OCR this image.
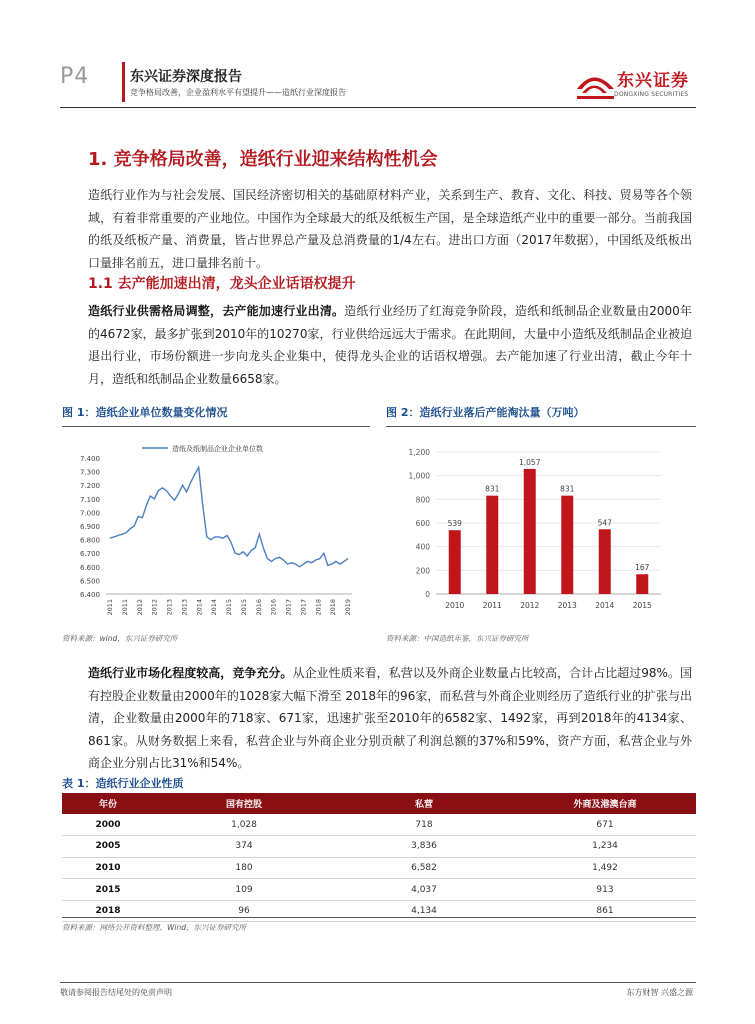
P4	东兴证券深度报告
竞争格局改善，企业盈利水平有望提升——造纸行业深度报告
东兴证券
DONGXING SECURITIES
1. 竞争格局改善，造纸行业迎来结构性机会
造纸行业作为与社会发展、国民经济密切相关的基础原材料产业，关系到生产、教育、文化、科技、贸易等各个领域，有着非常重要的产业地位。中国作为全球最大的纸及纸板生产国，是全球造纸产业中的重要一部分。当前我国的纸及纸板产量、消费量，皆占世界总产量及总消费量的1/4左右。进出口方面（2017年数据），中国纸及纸板出口量排名前五，进口量排名前十。
1.1 去产能加速出清，龙头企业话语权提升
造纸行业供需格局调整，去产能加速行业出清。造纸行业经历了红海竞争阶段，造纸和纸制品企业数量由2000年的4672家，最多扩张到2010年的10270家，行业供给远远大于需求。在此期间，大量中小造纸及纸制品企业被迫退出行业，市场份额进一步向龙头企业集中，使得龙头企业的话语权增强。去产能加速了行业出清，截止今年十月，造纸和纸制品企业数量6658家。
图 1：造纸企业单位数量变化情况	图 2：造纸行业落后产能淘汰量（万吨）
6.400
6.500
6.600
6.700
6.800
6.900
7.000
7.100
7.200
7.300
7.400
2011 2011 2012 2012 2013 2013 2014 2014 2015 2015 2016 2016 2017 2017 2018 2018 2019
造纸及纸制品企业企业单位数
0
200
400
600
800
1,000
1,200
539
2010
831
2011
1,057
2012
831
2013
547
2014
167
2015
资料来源：wind，东兴证券研究所	资料来源：中国造纸年鉴，东兴证券研究所
造纸行业市场化程度较高，竞争充分。从企业性质来看，私营以及外商企业数量占比较高，合计占比超过98%。国有控股企业数量由2000年的1028家大幅下滑至 2018年的96家，而私营与外商企业则经历了造纸行业的扩张与出清，企业数量由2000年的718家、671家，迅速扩张至2010年的6582家、1492家，再到2018年的4134家、861家。从财务数据上来看，私营企业与外商企业分别贡献了利润总额的37%和59%，资产方面，私营企业与外商企业分别占比31%和54%。
表 1：造纸行业企业性质
年份	国有控股	私营	外商及港澳台商
2000	1,028	718	671
2005	374	3,836	1,234
2010	180	6,582	1,492
2015	109	4,037	913
2018	96	4,134	861
资料来源：网络公开资料整理、Wind、东兴证券研究所
敬请参阅报告结尾处的免责声明	东方财智 兴盛之源
